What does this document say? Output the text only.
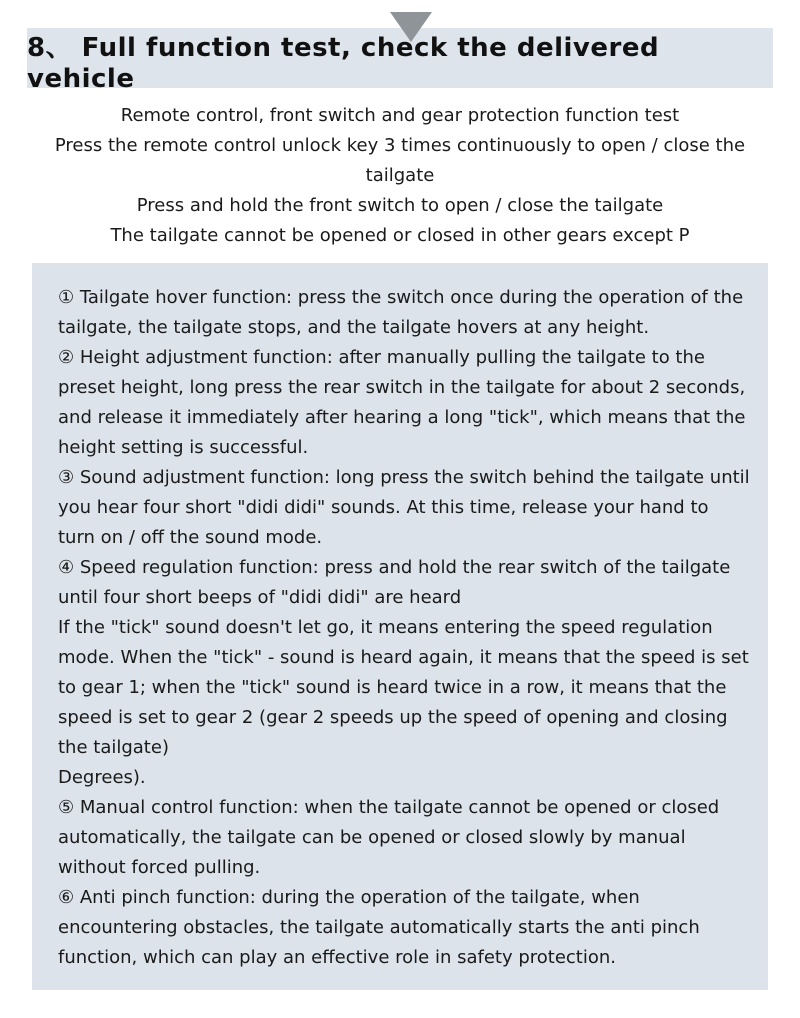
8、 Full function test, check the delivered vehicle
Remote control, front switch and gear protection function test
Press the remote control unlock key 3 times continuously to open / close the tailgate
Press and hold the front switch to open / close the tailgate
The tailgate cannot be opened or closed in other gears except P

① Tailgate hover function: press the switch once during the operation of the tailgate, the tailgate stops, and the tailgate hovers at any height.

② Height adjustment function: after manually pulling the tailgate to the preset height, long press the rear switch in the tailgate for about 2 seconds, and release it immediately after hearing a long "tick", which means that the height setting is successful.

③ Sound adjustment function: long press the switch behind the tailgate until you hear four short "didi didi" sounds. At this time, release your hand to turn on / off the sound mode.

④ Speed regulation function: press and hold the rear switch of the tailgate until four short beeps of "didi didi" are heard

If the "tick" sound doesn't let go, it means entering the speed regulation mode. When the "tick" - sound is heard again, it means that the speed is set to gear 1; when the "tick" sound is heard twice in a row, it means that the speed is set to gear 2 (gear 2 speeds up the speed of opening and closing the tailgate)

Degrees).

⑤ Manual control function: when the tailgate cannot be opened or closed automatically, the tailgate can be opened or closed slowly by manual without forced pulling.

⑥ Anti pinch function: during the operation of the tailgate, when encountering obstacles, the tailgate automatically starts the anti pinch function, which can play an effective role in safety protection.
